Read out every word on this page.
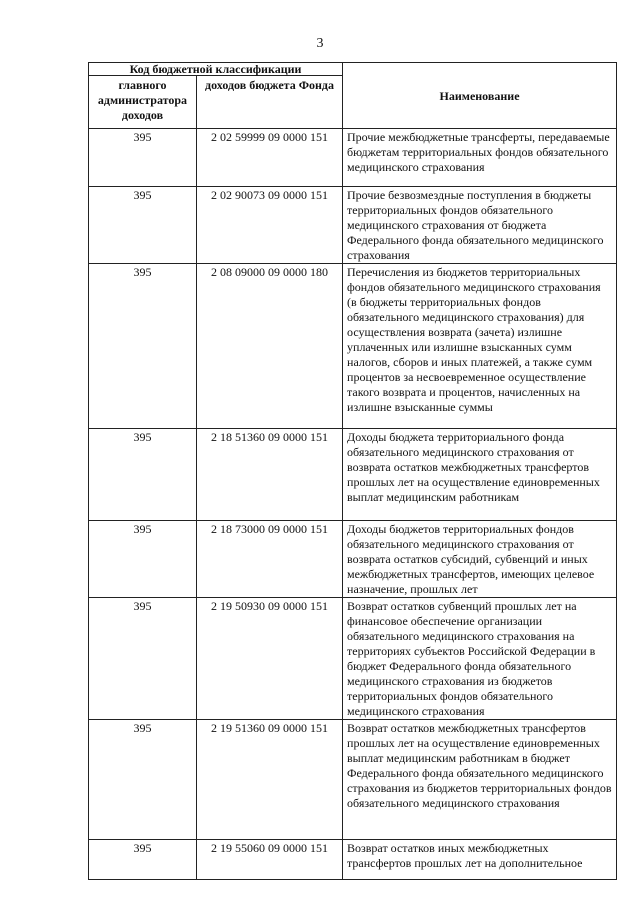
3
Код бюджетной классификации		Наименование
главного администратора доходов	доходов бюджета Фонда	
395	2 02 59999 09 0000 151	Прочие межбюджетные трансферты, передаваемые бюджетам территориальных фондов обязательного медицинского страхования
395	2 02 90073 09 0000 151	Прочие безвозмездные поступления в бюджеты территориальных фондов обязательного медицинского страхования от бюджета Федерального фонда обязательного медицинского страхования
395	2 08 09000 09 0000 180	Перечисления из бюджетов территориальных фондов обязательного медицинского страхования (в бюджеты территориальных фондов обязательного медицинского страхования) для осуществления возврата (зачета) излишне уплаченных или излишне взысканных сумм налогов, сборов и иных платежей, а также сумм процентов за несвоевременное осуществление такого возврата и процентов, начисленных на излишне взысканные суммы
395	2 18 51360 09 0000 151	Доходы бюджета территориального фонда обязательного медицинского страхования от возврата остатков межбюджетных трансфертов прошлых лет на осуществление единовременных выплат медицинским работникам
395	2 18 73000 09 0000 151	Доходы бюджетов территориальных фондов обязательного медицинского страхования от возврата остатков субсидий, субвенций и иных межбюджетных трансфертов, имеющих целевое назначение, прошлых лет
395	2 19 50930 09 0000 151	Возврат остатков субвенций прошлых лет на финансовое обеспечение организации обязательного медицинского страхования на территориях субъектов Российской Федерации в бюджет Федерального фонда обязательного медицинского страхования из бюджетов территориальных фондов обязательного медицинского страхования
395	2 19 51360 09 0000 151	Возврат остатков межбюджетных трансфертов прошлых лет на осуществление единовременных выплат медицинским работникам в бюджет Федерального фонда обязательного медицинского страхования из бюджетов территориальных фондов обязательного медицинского страхования
395	2 19 55060 09 0000 151	Возврат остатков иных межбюджетных трансфертов прошлых лет на дополнительное
